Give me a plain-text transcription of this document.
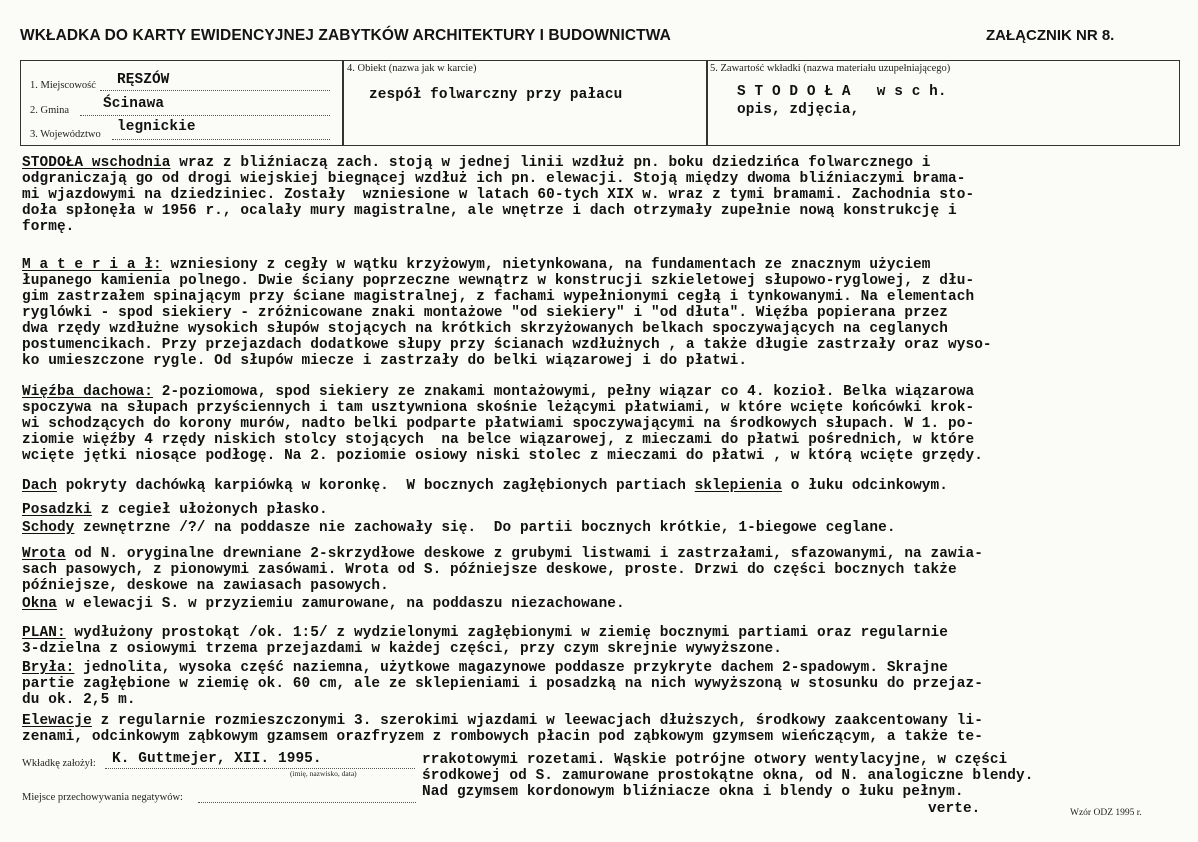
WKŁADKA DO KARTY EWIDENCYJNEJ ZABYTKÓW ARCHITEKTURY I BUDOWNICTWA	ZAŁĄCZNIK NR 8.
1. Miejscowość RĘSZÓW
2. Gmina Ścinawa
3. Województwo legnickie
4. Obiekt (nazwa jak w karcie)
zespół folwarczny przy pałacu
5. Zawartość wkładki (nazwa materiału uzupełniającego)
S T O D O Ł A   w s c h.
opis, zdjęcia,
STODOŁA wschodnia wraz z bliźniaczą zach. stoją w jednej linii wzdłuż pn. boku dziedzińca folwarcznego i
odgraniczają go od drogi wiejskiej biegnącej wzdłuż ich pn. elewacji. Stoją między dwoma bliźniaczymi brama-
mi wjazdowymi na dziedziniec. Zostały  wzniesione w latach 60-tych XIX w. wraz z tymi bramami. Zachodnia sto-
doła spłonęła w 1956 r., ocalały mury magistralne, ale wnętrze i dach otrzymały zupełnie nową konstrukcję i
formę.
M a t e r i a ł: wzniesiony z cegły w wątku krzyżowym, nietynkowana, na fundamentach ze znacznym użyciem
łupanego kamienia polnego. Dwie ściany poprzeczne wewnątrz w konstrucji szkieletowej słupowo-ryglowej, z dłu-
gim zastrzałem spinającym przy ściane magistralnej, z fachami wypełnionymi cegłą i tynkowanymi. Na elementach
ryglówki - spod siekiery - zróżnicowane znaki montażowe "od siekiery" i "od dłuta". Więźba popierana przez
dwa rzędy wzdłużne wysokich słupów stojących na krótkich skrzyżowanych belkach spoczywających na ceglanych
postumencikach. Przy przejazdach dodatkowe słupy przy ścianach wzdłużnych , a także długie zastrzały oraz wyso-
ko umieszczone rygle. Od słupów miecze i zastrzały do belki wiązarowej i do płatwi.
Więźba dachowa: 2-poziomowa, spod siekiery ze znakami montażowymi, pełny wiązar co 4. kozioł. Belka wiązarowa
spoczywa na słupach przyściennych i tam usztywniona skośnie leżącymi płatwiami, w które wcięte końcówki krok-
wi schodzących do korony murów, nadto belki podparte płatwiami spoczywającymi na środkowych słupach. W 1. po-
ziomie więźby 4 rzędy niskich stolcy stojących  na belce wiązarowej, z mieczami do płatwi pośrednich, w które
wcięte jętki niosące podłogę. Na 2. poziomie osiowy niski stolec z mieczami do płatwi , w którą wcięte grzędy.
Dach pokryty dachówką karpiówką w koronkę.  W bocznych zagłębionych partiach sklepienia o łuku odcinkowym.
Posadzki z cegieł ułożonych płasko.
Schody zewnętrzne /?/ na poddasze nie zachowały się.  Do partii bocznych krótkie, 1-biegowe ceglane.
Wrota od N. oryginalne drewniane 2-skrzydłowe deskowe z grubymi listwami i zastrzałami, sfazowanymi, na zawia-
sach pasowych, z pionowymi zasówami. Wrota od S. późniejsze deskowe, proste. Drzwi do części bocznych także
późniejsze, deskowe na zawiasach pasowych.
Okna w elewacji S. w przyziemiu zamurowane, na poddaszu niezachowane.
PLAN: wydłużony prostokąt /ok. 1:5/ z wydzielonymi zagłębionymi w ziemię bocznymi partiami oraz regularnie
3-dzielna z osiowymi trzema przejazdami w każdej części, przy czym skrejnie wywyższone.
Bryła: jednolita, wysoka część naziemna, użytkowe magazynowe poddasze przykryte dachem 2-spadowym. Skrajne
partie zagłębione w ziemię ok. 60 cm, ale ze sklepieniami i posadzką na nich wywyższoną w stosunku do przejaz-
du ok. 2,5 m.
Elewacje z regularnie rozmieszczonymi 3. szerokimi wjazdami w leewacjach dłuższych, środkowy zaakcentowany li-
zenami, odcinkowym ząbkowym gzamsem orazfryzem z rombowych płacin pod ząbkowym gzymsem wieńczącym, a także te-
rrakotowymi rozetami. Wąskie potrójne otwory wentylacyjne, w części
środkowej od S. zamurowane prostokątne okna, od N. analogiczne blendy.
Nad gzymsem kordonowym bliźniacze okna i blendy o łuku pełnym.
verte.
Wkładkę założył: K. Guttmejer, XII. 1995.
(imię, nazwisko, data)
Miejsce przechowywania negatywów:
Wzór ODZ 1995 r.
